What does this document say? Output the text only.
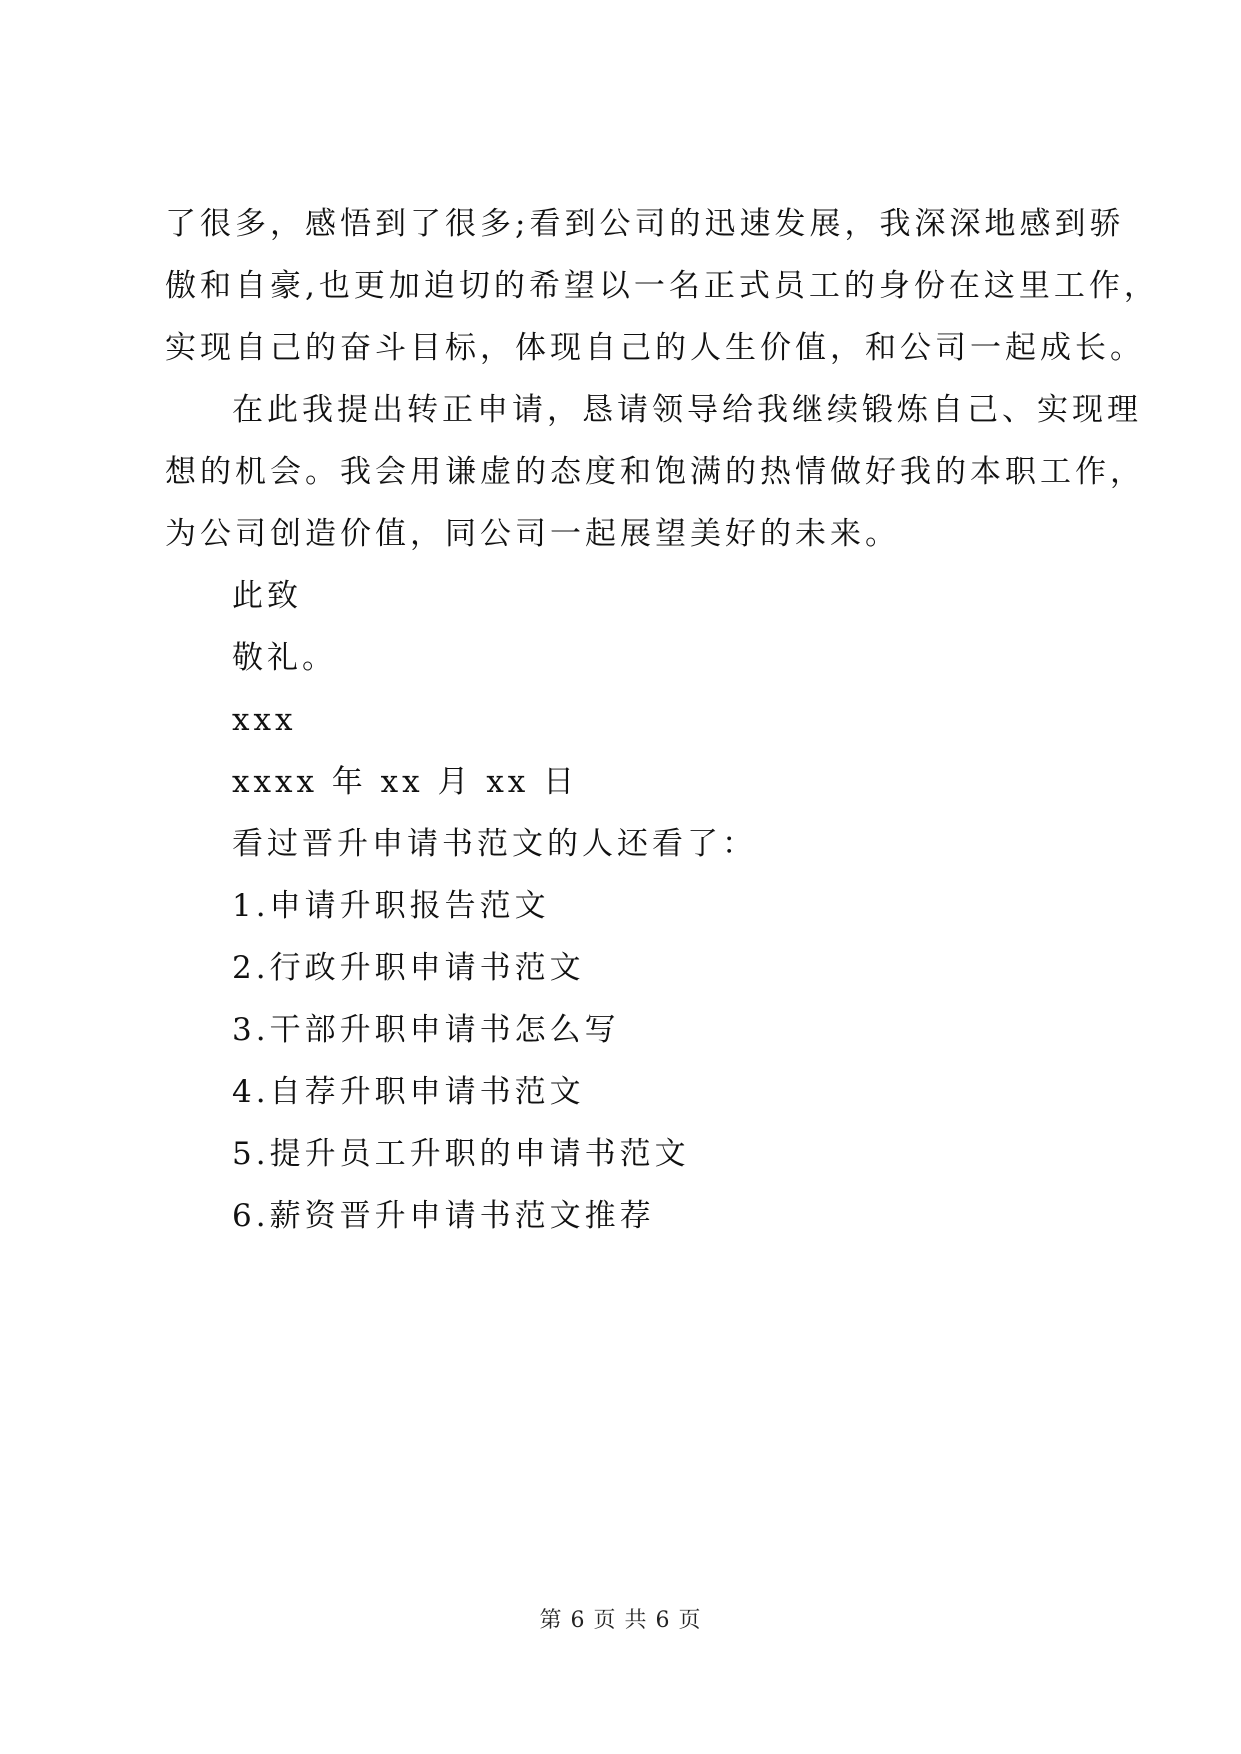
了很多，感悟到了很多;看到公司的迅速发展，我深深地感到骄
傲和自豪,也更加迫切的希望以一名正式员工的身份在这里工作，
实现自己的奋斗目标，体现自己的人生价值，和公司一起成长。
在此我提出转正申请，恳请领导给我继续锻炼自己、实现理
想的机会。我会用谦虚的态度和饱满的热情做好我的本职工作，
为公司创造价值，同公司一起展望美好的未来。
此致
敬礼。
xxx
xxxx 年 xx 月 xx 日
看过晋升申请书范文的人还看了：
1.申请升职报告范文
2.行政升职申请书范文
3.干部升职申请书怎么写
4.自荐升职申请书范文
5.提升员工升职的申请书范文
6.薪资晋升申请书范文推荐
第 6 页 共 6 页
